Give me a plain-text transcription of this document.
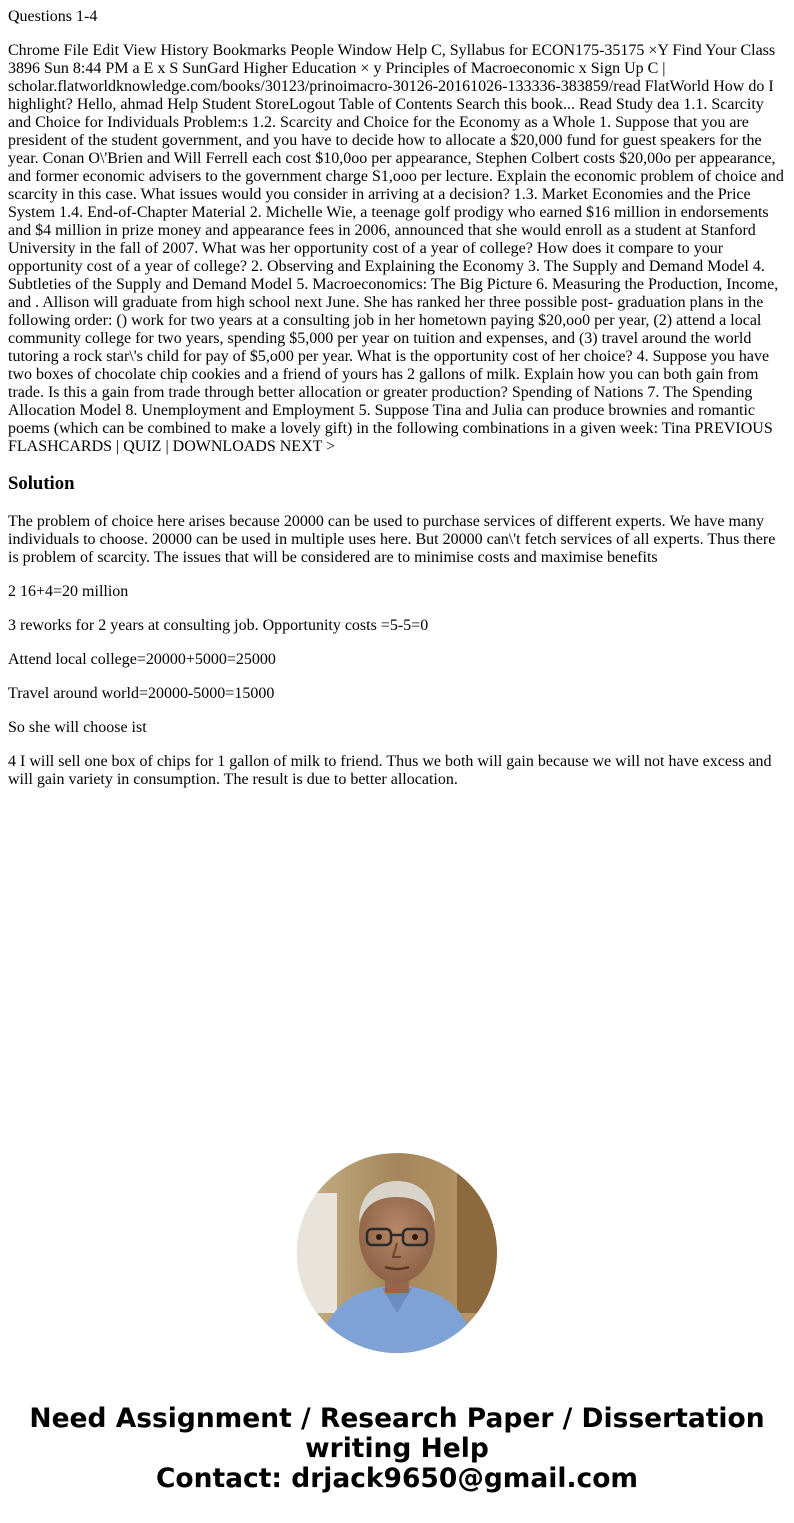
Questions 1-4

Chrome File Edit View History Bookmarks People Window Help C, Syllabus for ECON175-35175 ×Y Find Your Class 3896 Sun 8:44 PM a E x S SunGard Higher Education × y Principles of Macroeconomic x Sign Up C | scholar.flatworldknowledge.com/books/30123/prinoimacro-30126-20161026-133336-383859/read FlatWorld How do I highlight? Hello, ahmad Help Student StoreLogout Table of Contents Search this book... Read Study dea 1.1. Scarcity and Choice for Individuals Problem:s 1.2. Scarcity and Choice for the Economy as a Whole 1. Suppose that you are president of the student government, and you have to decide how to allocate a $20,000 fund for guest speakers for the year. Conan O\'Brien and Will Ferrell each cost $10,0oo per appearance, Stephen Colbert costs $20,00o per appearance, and former economic advisers to the government charge S1,ooo per lecture. Explain the economic problem of choice and scarcity in this case. What issues would you consider in arriving at a decision? 1.3. Market Economies and the Price System 1.4. End-of-Chapter Material 2. Michelle Wie, a teenage golf prodigy who earned $16 million in endorsements and $4 million in prize money and appearance fees in 2006, announced that she would enroll as a student at Stanford University in the fall of 2007. What was her opportunity cost of a year of college? How does it compare to your opportunity cost of a year of college? 2. Observing and Explaining the Economy 3. The Supply and Demand Model 4. Subtleties of the Supply and Demand Model 5. Macroeconomics: The Big Picture 6. Measuring the Production, Income, and . Allison will graduate from high school next June. She has ranked her three possible post- graduation plans in the following order: () work for two years at a consulting job in her hometown paying $20,oo0 per year, (2) attend a local community college for two years, spending $5,000 per year on tuition and expenses, and (3) travel around the world tutoring a rock star\'s child for pay of $5,o00 per year. What is the opportunity cost of her choice? 4. Suppose you have two boxes of chocolate chip cookies and a friend of yours has 2 gallons of milk. Explain how you can both gain from trade. Is this a gain from trade through better allocation or greater production? Spending of Nations 7. The Spending Allocation Model 8. Unemployment and Employment 5. Suppose Tina and Julia can produce brownies and romantic poems (which can be combined to make a lovely gift) in the following combinations in a given week: Tina PREVIOUS FLASHCARDS | QUIZ | DOWNLOADS NEXT >

Solution

The problem of choice here arises because 20000 can be used to purchase services of different experts. We have many individuals to choose. 20000 can be used in multiple uses here. But 20000 can\'t fetch services of all experts. Thus there is problem of scarcity. The issues that will be considered are to minimise costs and maximise benefits

2 16+4=20 million

3 reworks for 2 years at consulting job. Opportunity costs =5-5=0

Attend local college=20000+5000=25000

Travel around world=20000-5000=15000

So she will choose ist

4 I will sell one box of chips for 1 gallon of milk to friend. Thus we both will gain because we will not have excess and will gain variety in consumption. The result is due to better allocation.

Need Assignment / Research Paper / Dissertation
writing Help
Contact: drjack9650@gmail.com
